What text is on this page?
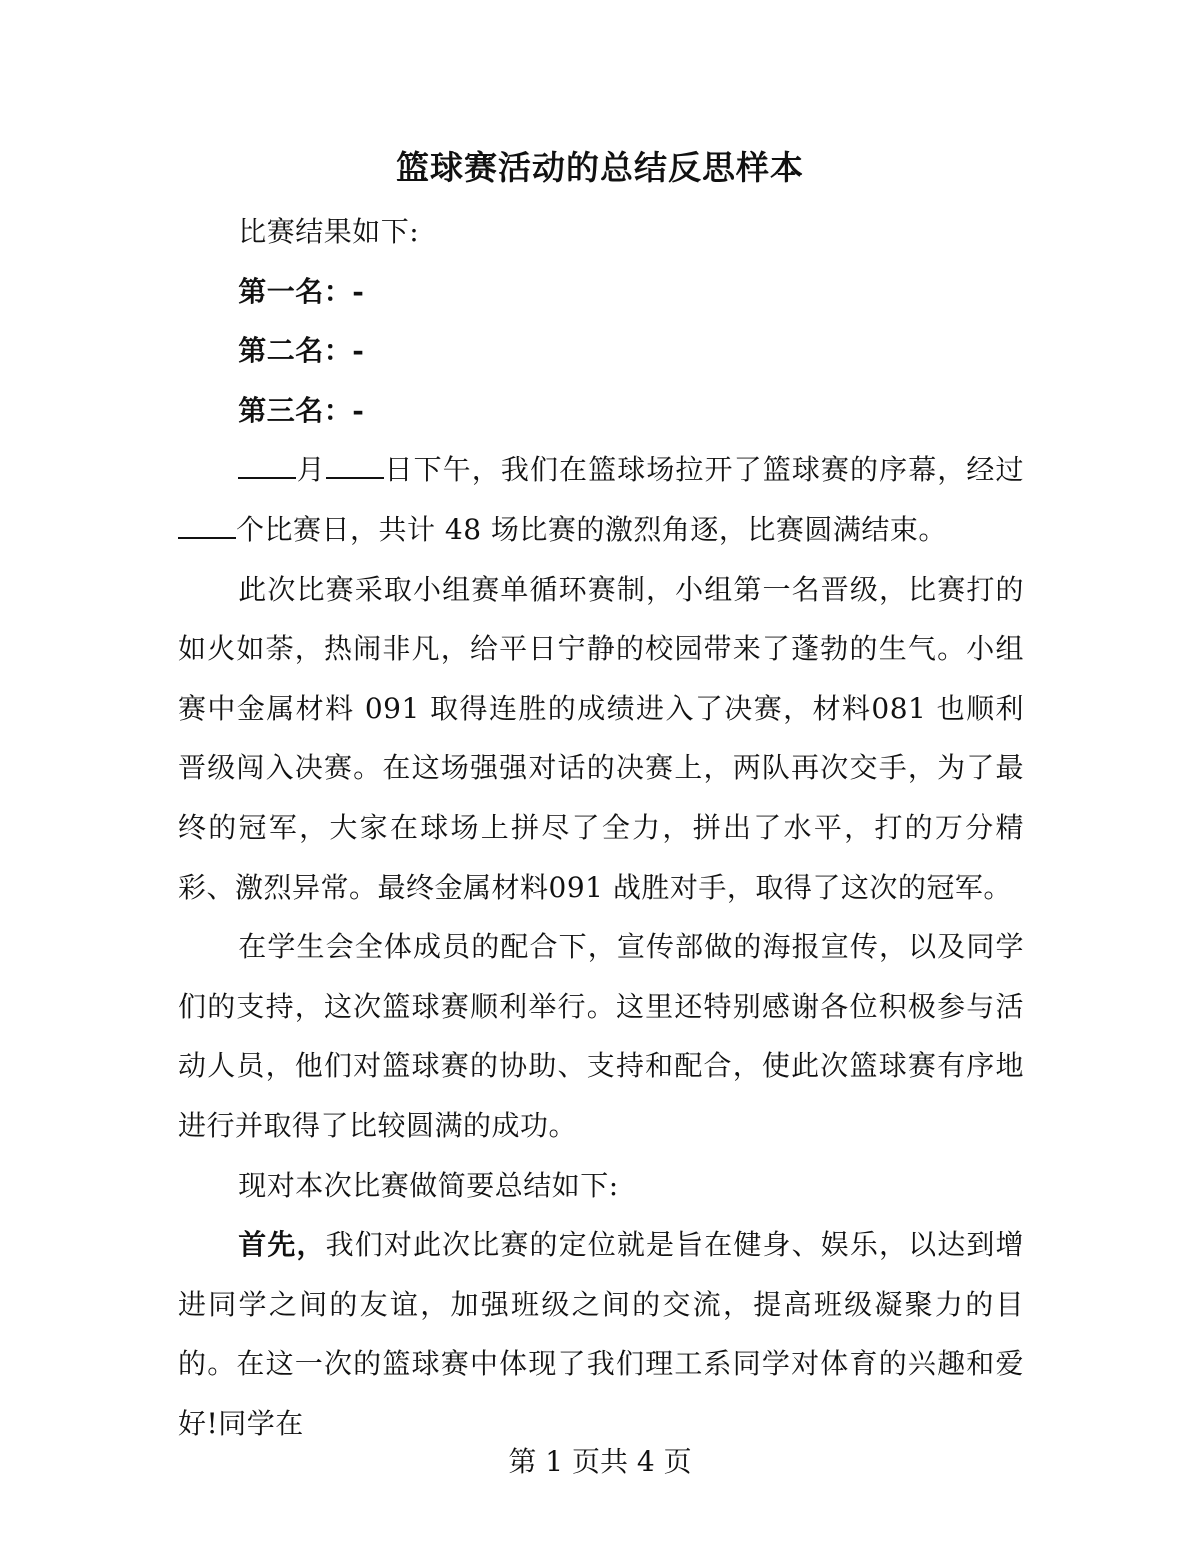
篮球赛活动的总结反思样本

比赛结果如下:

第一名：-

第二名：-

第三名：-

月 日下午，我们在篮球场拉开了篮球赛的序幕，经过个比赛日，共计 48 场比赛的激烈角逐，比赛圆满结束。

此次比赛采取小组赛单循环赛制，小组第一名晋级，比赛打的如火如荼，热闹非凡，给平日宁静的校园带来了蓬勃的生气。小组赛中金属材料 091 取得连胜的成绩进入了决赛，材料081 也顺利晋级闯入决赛。在这场强强对话的决赛上，两队再次交手，为了最终的冠军，大家在球场上拼尽了全力，拼出了水平，打的万分精彩、激烈异常。最终金属材料091 战胜对手，取得了这次的冠军。

在学生会全体成员的配合下，宣传部做的海报宣传，以及同学们的支持，这次篮球赛顺利举行。这里还特别感谢各位积极参与活动人员，他们对篮球赛的协助、支持和配合，使此次篮球赛有序地进行并取得了比较圆满的成功。

现对本次比赛做简要总结如下:

首先，我们对此次比赛的定位就是旨在健身、娱乐，以达到增进同学之间的友谊，加强班级之间的交流，提高班级凝聚力的目的。在这一次的篮球赛中体现了我们理工系同学对体育的兴趣和爱好!同学在

第 1 页共 4 页
